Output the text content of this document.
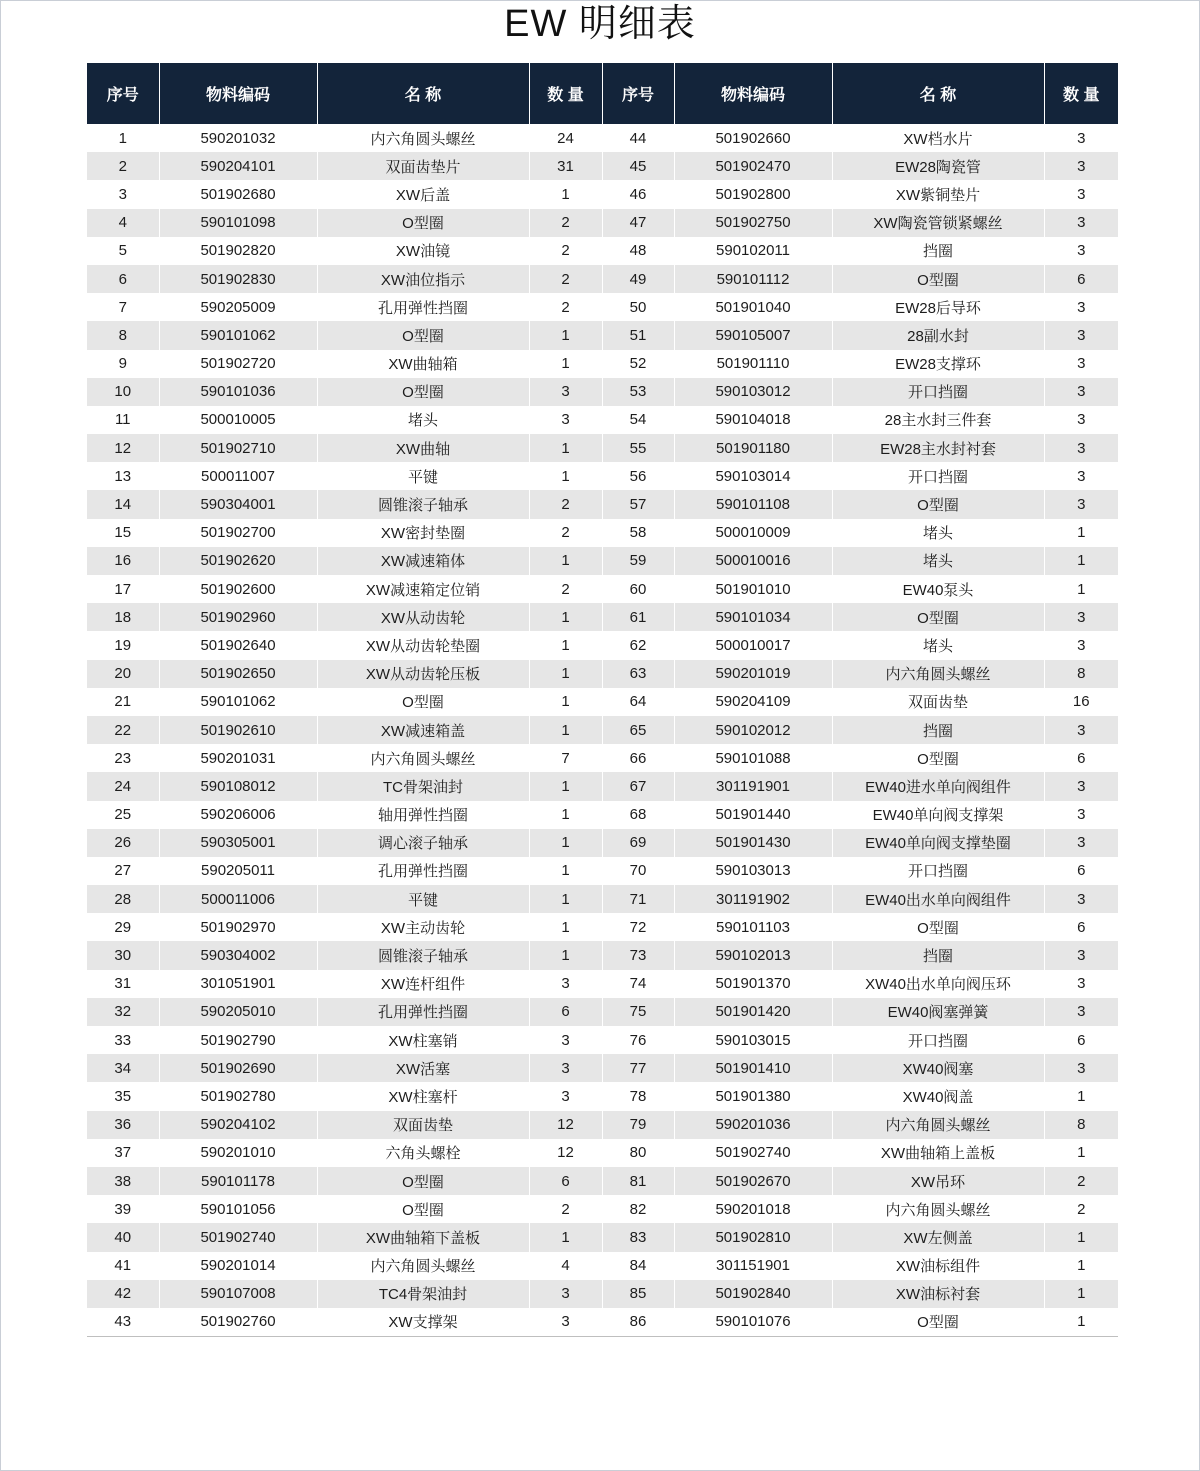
EW 明细表
序号	物料编码	名 称	数 量	序号	物料编码	名 称	数 量
1	590201032	内六角圆头螺丝	24	44	501902660	XW档水片	3
2	590204101	双面齿垫片	31	45	501902470	EW28陶瓷管	3
3	501902680	XW后盖	1	46	501902800	XW紫铜垫片	3
4	590101098	O型圈	2	47	501902750	XW陶瓷管锁紧螺丝	3
5	501902820	XW油镜	2	48	590102011	挡圈	3
6	501902830	XW油位指示	2	49	590101112	O型圈	6
7	590205009	孔用弹性挡圈	2	50	501901040	EW28后导环	3
8	590101062	O型圈	1	51	590105007	28副水封	3
9	501902720	XW曲轴箱	1	52	501901110	EW28支撑环	3
10	590101036	O型圈	3	53	590103012	开口挡圈	3
11	500010005	堵头	3	54	590104018	28主水封三件套	3
12	501902710	XW曲轴	1	55	501901180	EW28主水封衬套	3
13	500011007	平键	1	56	590103014	开口挡圈	3
14	590304001	圆锥滚子轴承	2	57	590101108	O型圈	3
15	501902700	XW密封垫圈	2	58	500010009	堵头	1
16	501902620	XW减速箱体	1	59	500010016	堵头	1
17	501902600	XW减速箱定位销	2	60	501901010	EW40泵头	1
18	501902960	XW从动齿轮	1	61	590101034	O型圈	3
19	501902640	XW从动齿轮垫圈	1	62	500010017	堵头	3
20	501902650	XW从动齿轮压板	1	63	590201019	内六角圆头螺丝	8
21	590101062	O型圈	1	64	590204109	双面齿垫	16
22	501902610	XW减速箱盖	1	65	590102012	挡圈	3
23	590201031	内六角圆头螺丝	7	66	590101088	O型圈	6
24	590108012	TC骨架油封	1	67	301191901	EW40进水单向阀组件	3
25	590206006	轴用弹性挡圈	1	68	501901440	EW40单向阀支撑架	3
26	590305001	调心滚子轴承	1	69	501901430	EW40单向阀支撑垫圈	3
27	590205011	孔用弹性挡圈	1	70	590103013	开口挡圈	6
28	500011006	平键	1	71	301191902	EW40出水单向阀组件	3
29	501902970	XW主动齿轮	1	72	590101103	O型圈	6
30	590304002	圆锥滚子轴承	1	73	590102013	挡圈	3
31	301051901	XW连杆组件	3	74	501901370	XW40出水单向阀压环	3
32	590205010	孔用弹性挡圈	6	75	501901420	EW40阀塞弹簧	3
33	501902790	XW柱塞销	3	76	590103015	开口挡圈	6
34	501902690	XW活塞	3	77	501901410	XW40阀塞	3
35	501902780	XW柱塞杆	3	78	501901380	XW40阀盖	1
36	590204102	双面齿垫	12	79	590201036	内六角圆头螺丝	8
37	590201010	六角头螺栓	12	80	501902740	XW曲轴箱上盖板	1
38	590101178	O型圈	6	81	501902670	XW吊环	2
39	590101056	O型圈	2	82	590201018	内六角圆头螺丝	2
40	501902740	XW曲轴箱下盖板	1	83	501902810	XW左侧盖	1
41	590201014	内六角圆头螺丝	4	84	301151901	XW油标组件	1
42	590107008	TC4骨架油封	3	85	501902840	XW油标衬套	1
43	501902760	XW支撑架	3	86	590101076	O型圈	1
